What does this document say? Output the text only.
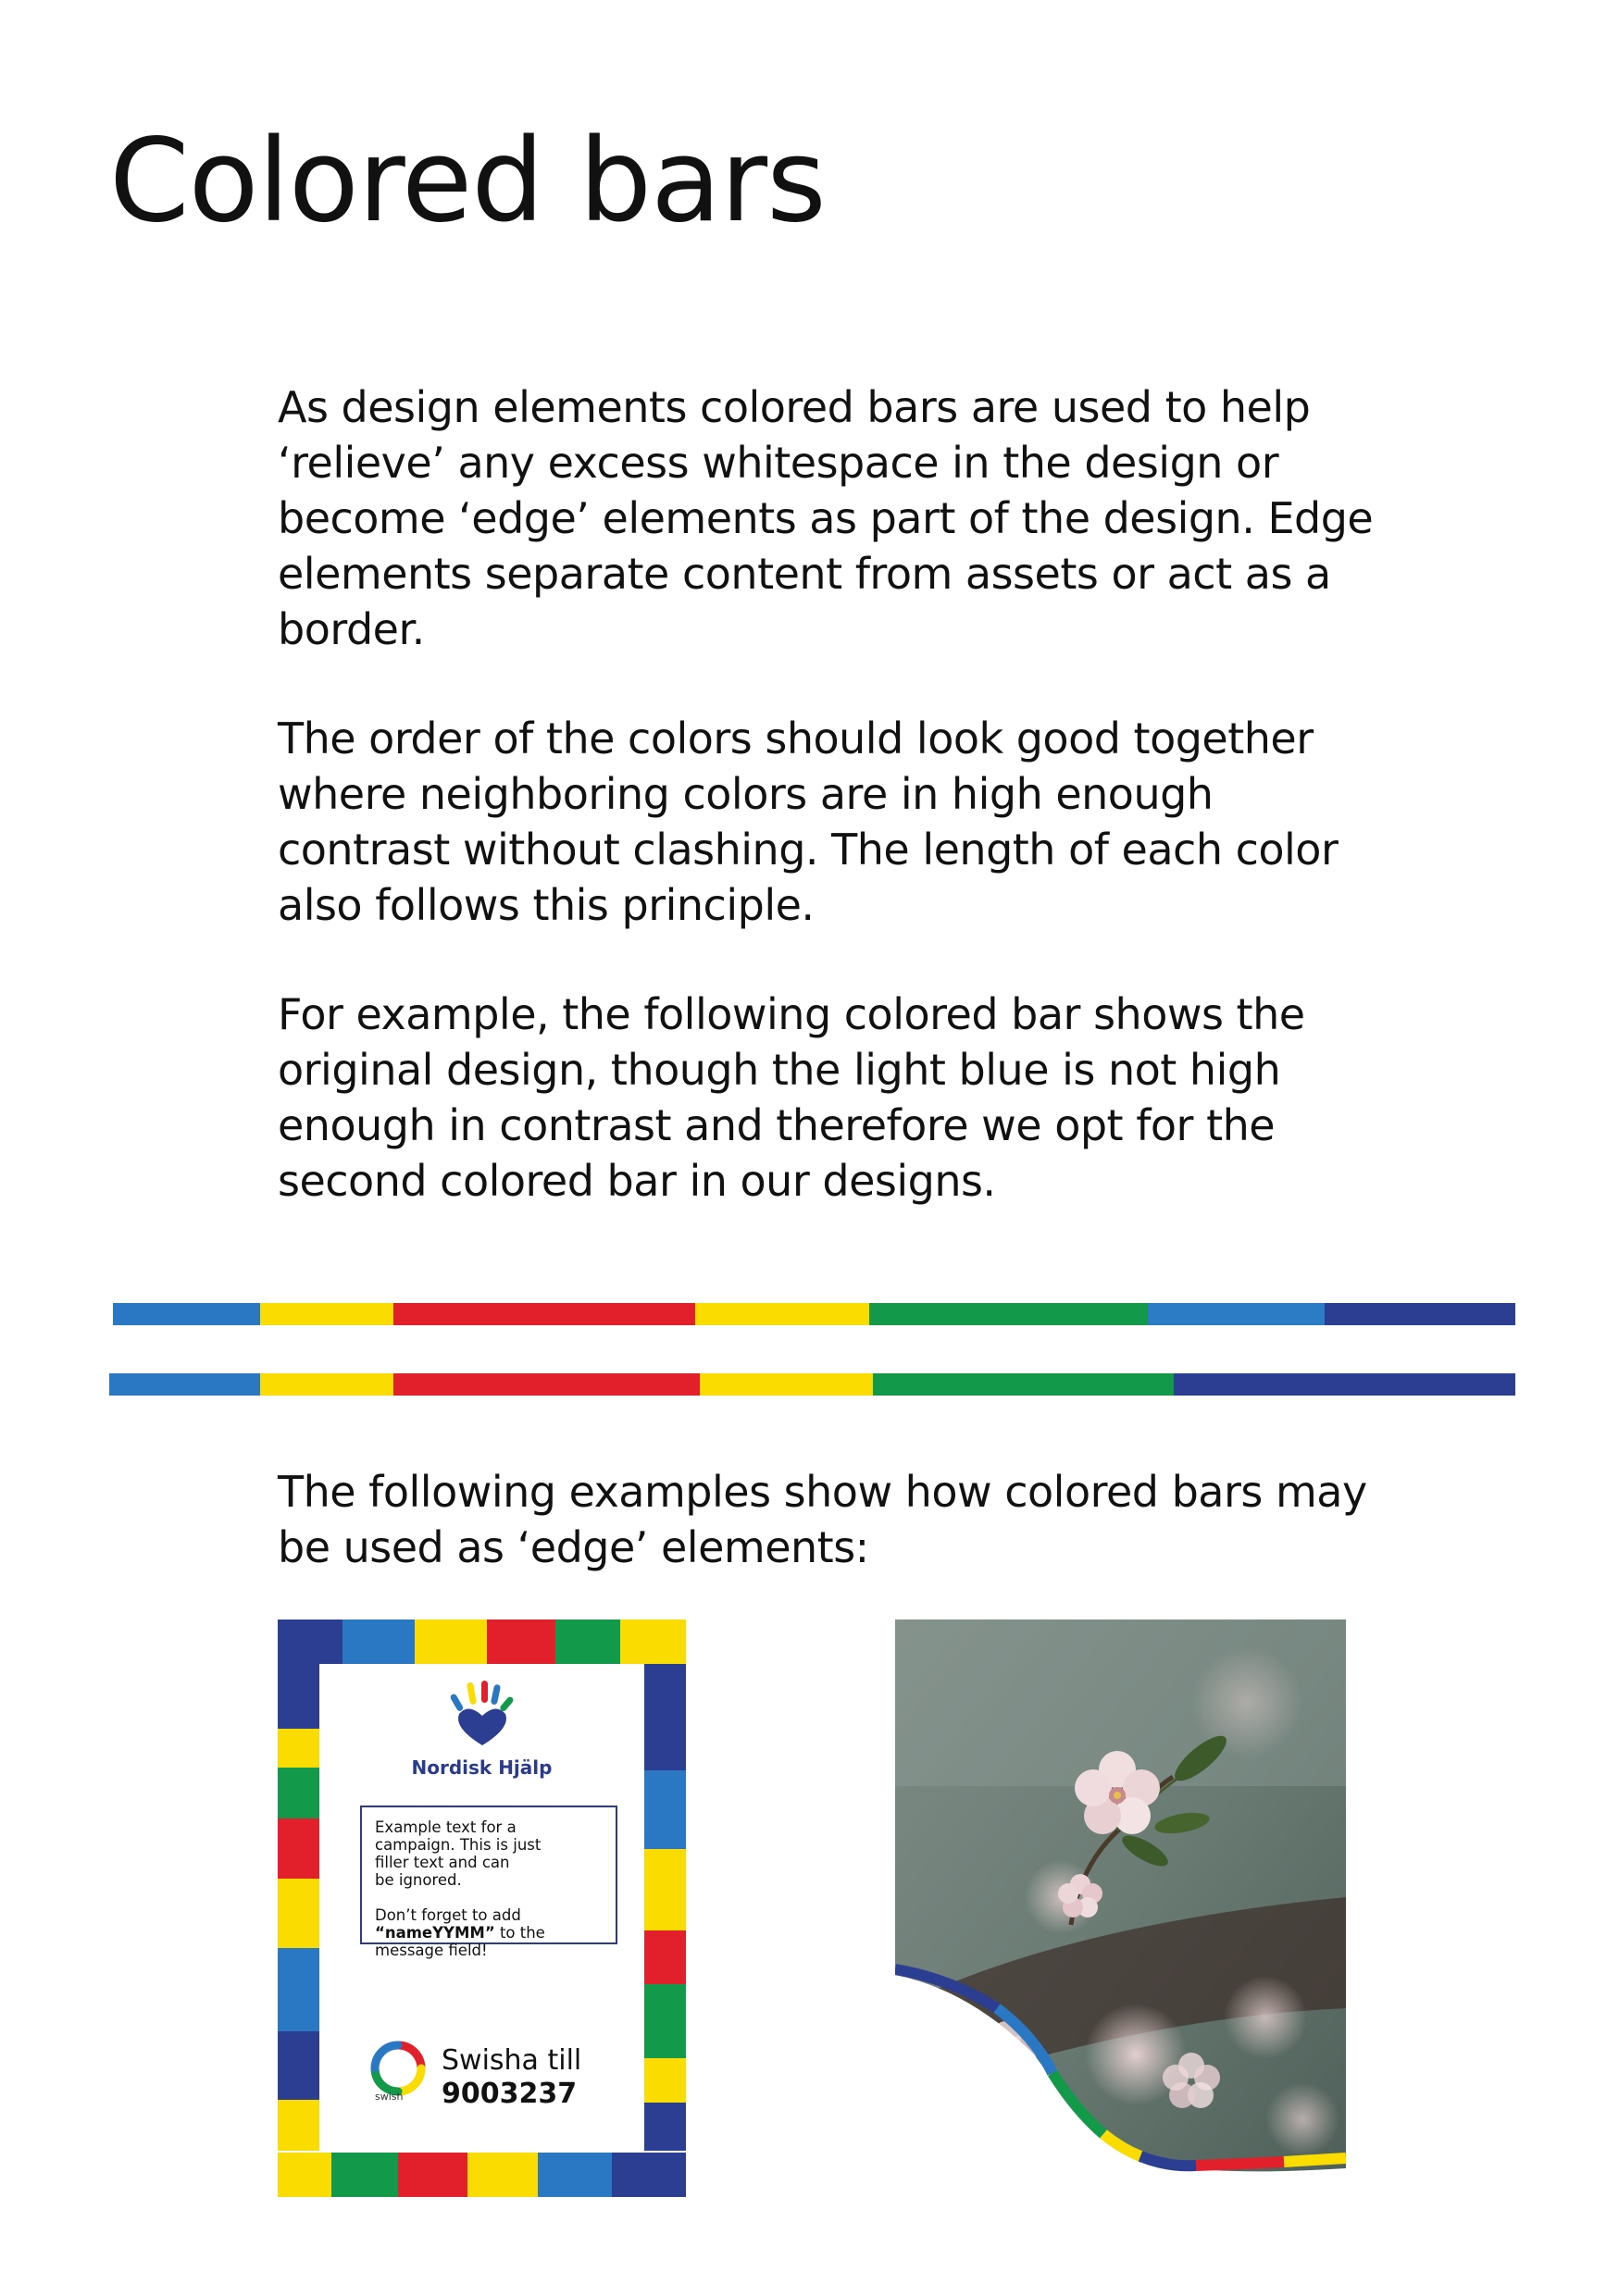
Colored bars

As design elements colored bars are used to help ‘relieve’ any excess whitespace in the design or become ‘edge’ elements as part of the design. Edge elements separate content from assets or act as a border.

The order of the colors should look good together where neighboring colors are in high enough contrast without clashing. The length of each color also follows this principle.

For example, the following colored bar shows the original design, though the light blue is not high enough in contrast and therefore we opt for the second colored bar in our designs.

The following examples show how colored bars may be used as ‘edge’ elements:

Nordisk Hjälp

Example text for a

campaign. This is just

filler text and can

be ignored.

Don’t forget to add

“nameYYMM” to the

message field!

swish
Swisha till
9003237
